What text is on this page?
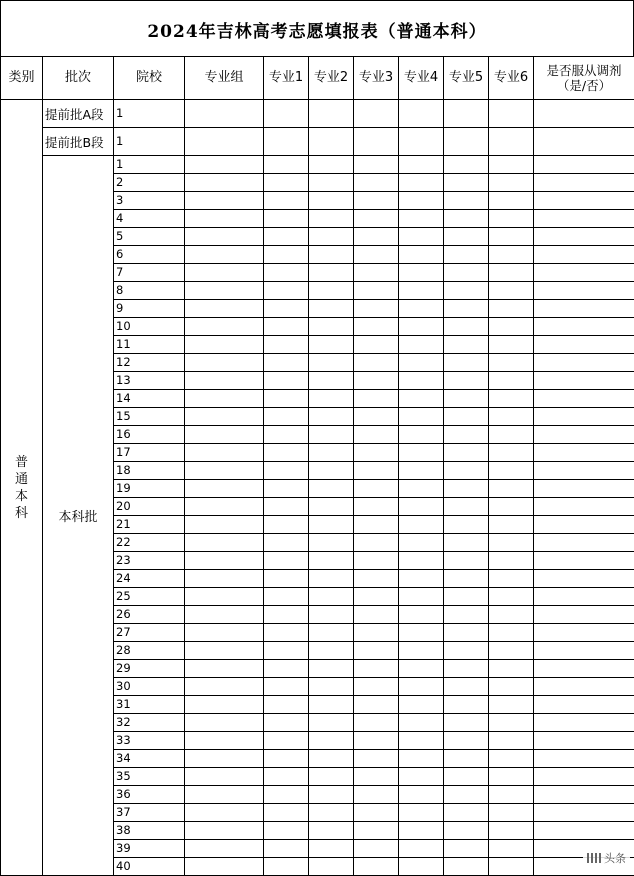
2024年吉林高考志愿填报表（普通本科）
类别	批次	院校	专业组	专业1	专业2	专业3	专业4	专业5	专业6	是否服从调剂（是/否）
普通本科	提前批A段	1								
	提前批B段	1								
	本科批	1								
		2								
		3								
		4								
		5								
		6								
		7								
		8								
		9								
		10								
		11								
		12								
		13								
		14								
		15								
		16								
		17								
		18								
		19								
		20								
		21								
		22								
		23								
		24								
		25								
		26								
		27								
		28								
		29								
		30								
		31								
		32								
		33								
		34								
		35								
		36								
		37								
		38								
		39								
		40								
头条
